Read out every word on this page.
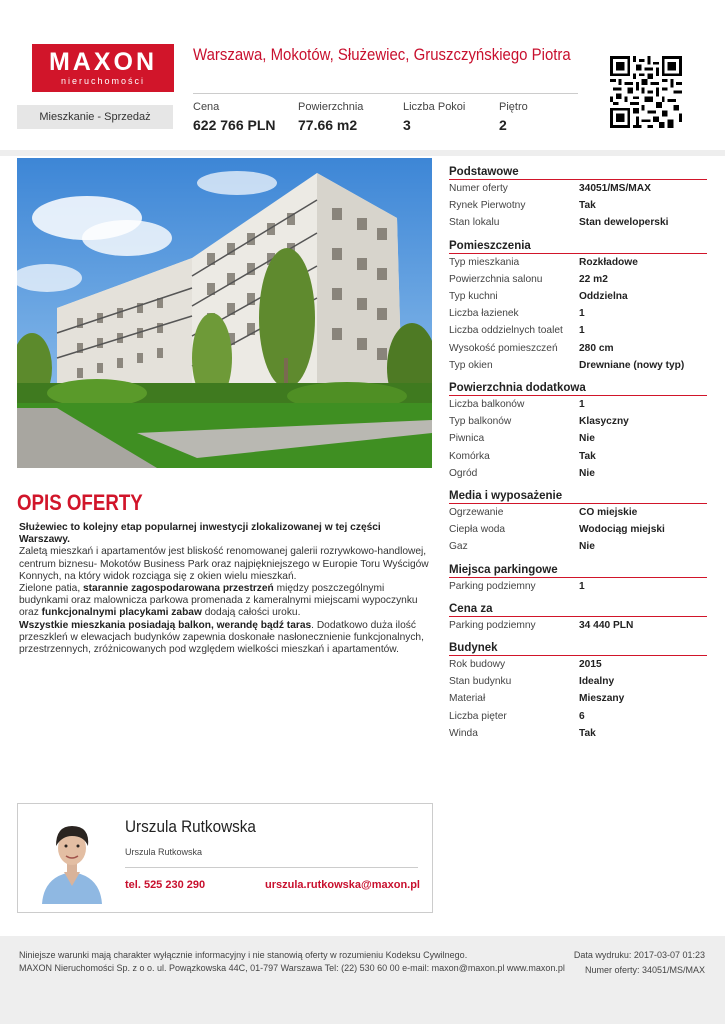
MAXON
nieruchomości
Warszawa, Mokotów, Służewiec, Gruszczyńskiego Piotra
Mieszkanie - Sprzedaż
Cena
622 766 PLN
Powierzchnia
77.66 m2
Liczba Pokoi
3
Piętro
2
OPIS OFERTY

Służewiec to kolejny etap popularnej inwestycji zlokalizowanej w tej części Warszawy.

Zaletą mieszkań i apartamentów jest bliskość renomowanej galerii rozrywkowo-handlowej, centrum biznesu- Mokotów Business Park oraz najpiękniejszego w Europie Toru Wyścigów Konnych, na który widok rozciąga się z okien wielu mieszkań.

Zielone patia, starannie zagospodarowana przestrzeń między poszczególnymi budynkami oraz malownicza parkowa promenada z kameralnymi miejscami wypoczynku oraz funkcjonalnymi placykami zabaw dodają całości uroku.

Wszystkie mieszkania posiadają balkon, werandę bądź taras. Dodatkowo duża ilość przeszkleń w elewacjach budynków zapewnia doskonałe nasłonecznienie funkcjonalnych, przestrzennych, zróżnicowanych pod względem wielkości mieszkań i apartamentów.

Urszula Rutkowska
Urszula Rutkowska
tel. 525 230 290	urszula.rutkowska@maxon.pl
Podstawowe
Numer oferty	34051/MS/MAX
Rynek Pierwotny	Tak
Stan lokalu	Stan deweloperski
Pomieszczenia
Typ mieszkania	Rozkładowe
Powierzchnia salonu	22 m2
Typ kuchni	Oddzielna
Liczba łazienek	1
Liczba oddzielnych toalet	1
Wysokość pomieszczeń	280 cm
Typ okien	Drewniane (nowy typ)
Powierzchnia dodatkowa
Liczba balkonów	1
Typ balkonów	Klasyczny
Piwnica	Nie
Komórka	Tak
Ogród	Nie
Media i wyposażenie
Ogrzewanie	CO miejskie
Ciepła woda	Wodociąg miejski
Gaz	Nie
Miejsca parkingowe
Parking podziemny	1
Cena za
Parking podziemny	34 440 PLN
Budynek
Rok budowy	2015
Stan budynku	Idealny
Materiał	Mieszany
Liczba pięter	6
Winda	Tak
Niniejsze warunki mają charakter wyłącznie informacyjny i nie stanowią oferty w rozumieniu Kodeksu Cywilnego.
MAXON Nieruchomości Sp. z o o. ul. Powązkowska 44C, 01-797 Warszawa Tel: (22) 530 60 00 e-mail: maxon@maxon.pl www.maxon.pl
Data wydruku: 2017-03-07 01:23
Numer oferty: 34051/MS/MAX
